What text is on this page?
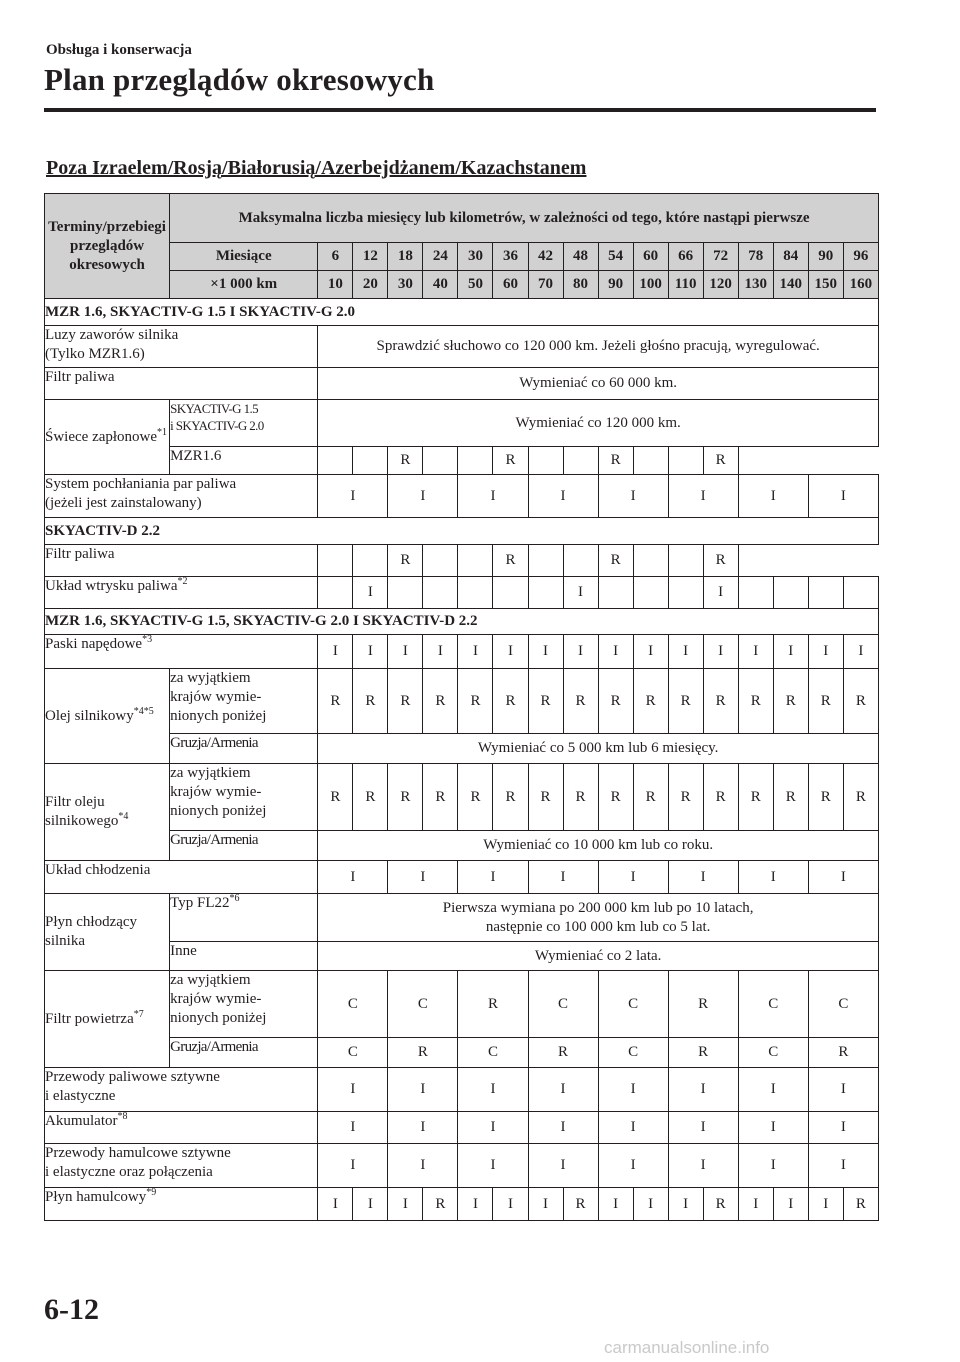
Obsługa i konserwacja
Plan przeglądów okresowych
Poza Izraelem/Rosją/Białorusią/Azerbejdżanem/Kazachstanem
Terminy/przebiegi przeglądów okresowych	Maksymalna liczba miesięcy lub kilometrów, w zależności od tego, które nastąpi pierwsze																
	Miesiące	6	12	18	24	30	36	42	48	54	60	66	72	78	84	90	96
	×1 000 km	10	20	30	40	50	60	70	80	90	100	110	120	130	140	150	160
MZR 1.6, SKYACTIV-G 1.5 I SKYACTIV-G 2.0																	
Luzy zaworów silnika
(Tylko MZR1.6)		Sprawdzić słuchowo co 120 000 km. Jeżeli głośno pracują, wyregulować.															
Filtr paliwa		Wymieniać co 60 000 km.															
Świece zapłonowe$^{*1}$	SKYACTIV-G 1.5
i SKYACTIV-G 2.0	Wymieniać co 120 000 km.															
	MZR1.6			R			R			R			R				
System pochłaniania par paliwa
(jeżeli jest zainstalowany)		I		I		I		I		I		I		I		I	
SKYACTIV-D 2.2																	
Filtr paliwa				R			R			R			R				
Układ wtrysku paliwa$^{*2}$			I						I				I				
MZR 1.6, SKYACTIV-G 1.5, SKYACTIV-G 2.0 I SKYACTIV-D 2.2																	
Paski napędowe$^{*3}$		I	I	I	I	I	I	I	I	I	I	I	I	I	I	I	I
Olej silnikowy$^{*4*5}$	za wyjątkiem
krajów wymie-
nionych poniżej	R	R	R	R	R	R	R	R	R	R	R	R	R	R	R	R
	Gruzja/Armenia	Wymieniać co 5 000 km lub 6 miesięcy.															
Filtr oleju
silnikowego$^{*4}$	za wyjątkiem
krajów wymie-
nionych poniżej	R	R	R	R	R	R	R	R	R	R	R	R	R	R	R	R
	Gruzja/Armenia	Wymieniać co 10 000 km lub co roku.															
Układ chłodzenia		I		I		I		I		I		I		I		I	
Płyn chłodzący
silnika	Typ FL22$^{*6}$	Pierwsza wymiana po 200 000 km lub po 10 latach,
następnie co 100 000 km lub co 5 lat.															
	Inne	Wymieniać co 2 lata.															
Filtr powietrza$^{*7}$	za wyjątkiem
krajów wymie-
nionych poniżej	C		C		R		C		C		R		C		C	
	Gruzja/Armenia	C		R		C		R		C		R		C		R	
Przewody paliwowe sztywne
i elastyczne		I		I		I		I		I		I		I		I	
Akumulator$^{*8}$		I		I		I		I		I		I		I		I	
Przewody hamulcowe sztywne
i elastyczne oraz połączenia		I		I		I		I		I		I		I		I	
Płyn hamulcowy$^{*9}$		I	I	I	R	I	I	I	R	I	I	I	R	I	I	I	R
6-12
carmanualsonline.info
